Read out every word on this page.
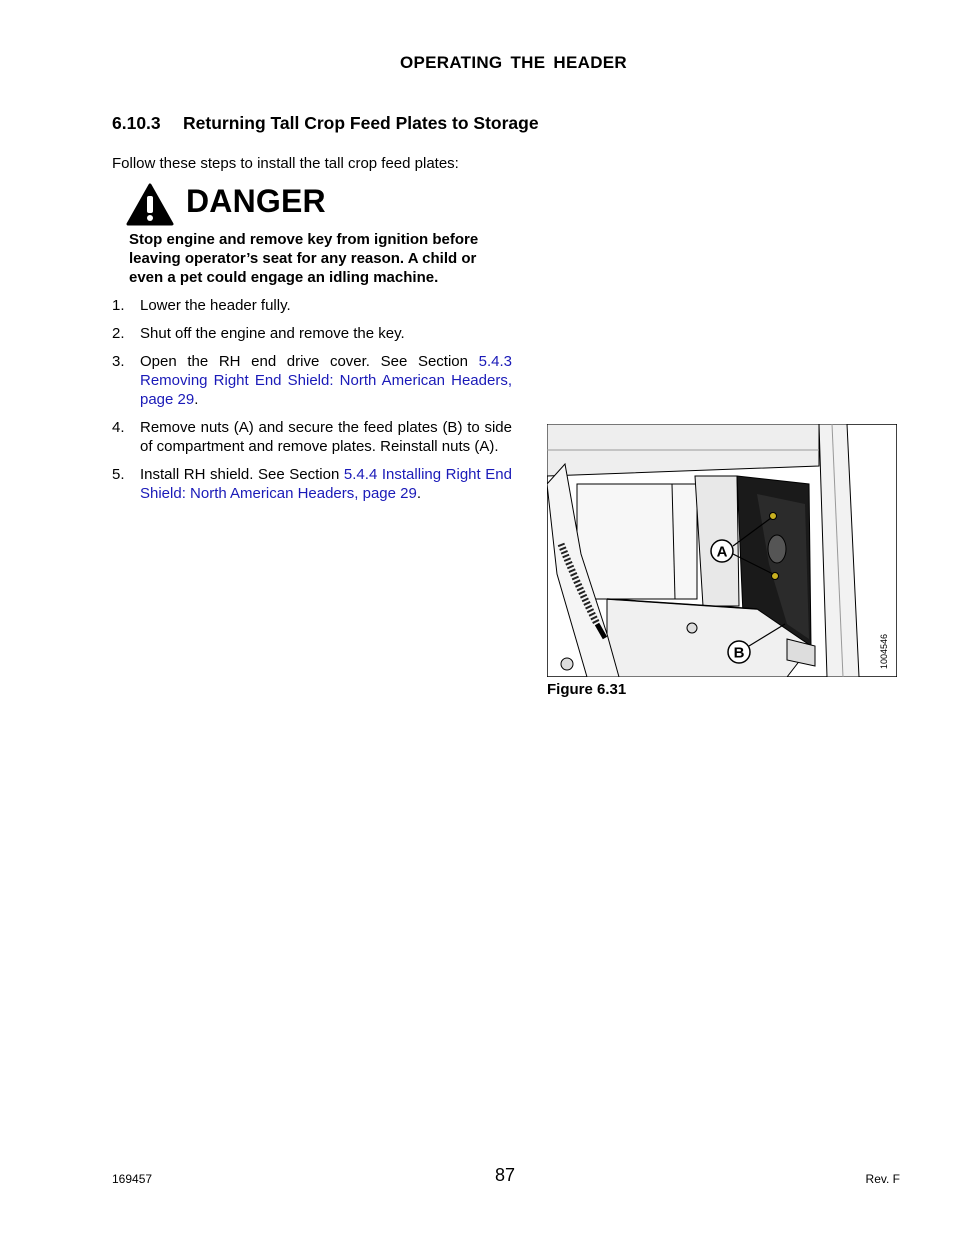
OPERATING THE HEADER
6.10.3 Returning Tall Crop Feed Plates to Storage
Follow these steps to install the tall crop feed plates:
DANGER
Stop engine and remove key from ignition before leaving operator’s seat for any reason. A child or even a pet could engage an idling machine.
1.	Lower the header fully.
2.	Shut off the engine and remove the key.
3.	Open the RH end drive cover. See Section 5.4.3 Removing Right End Shield: North American Headers, page 29.
4.	Remove nuts (A) and secure the feed plates (B) to side of compartment and remove plates. Reinstall nuts (A).
5.	Install RH shield. See Section 5.4.4 Installing Right End Shield: North American Headers, page 29.
A
B	1004546
Figure 6.31
169457	87	Rev. F
